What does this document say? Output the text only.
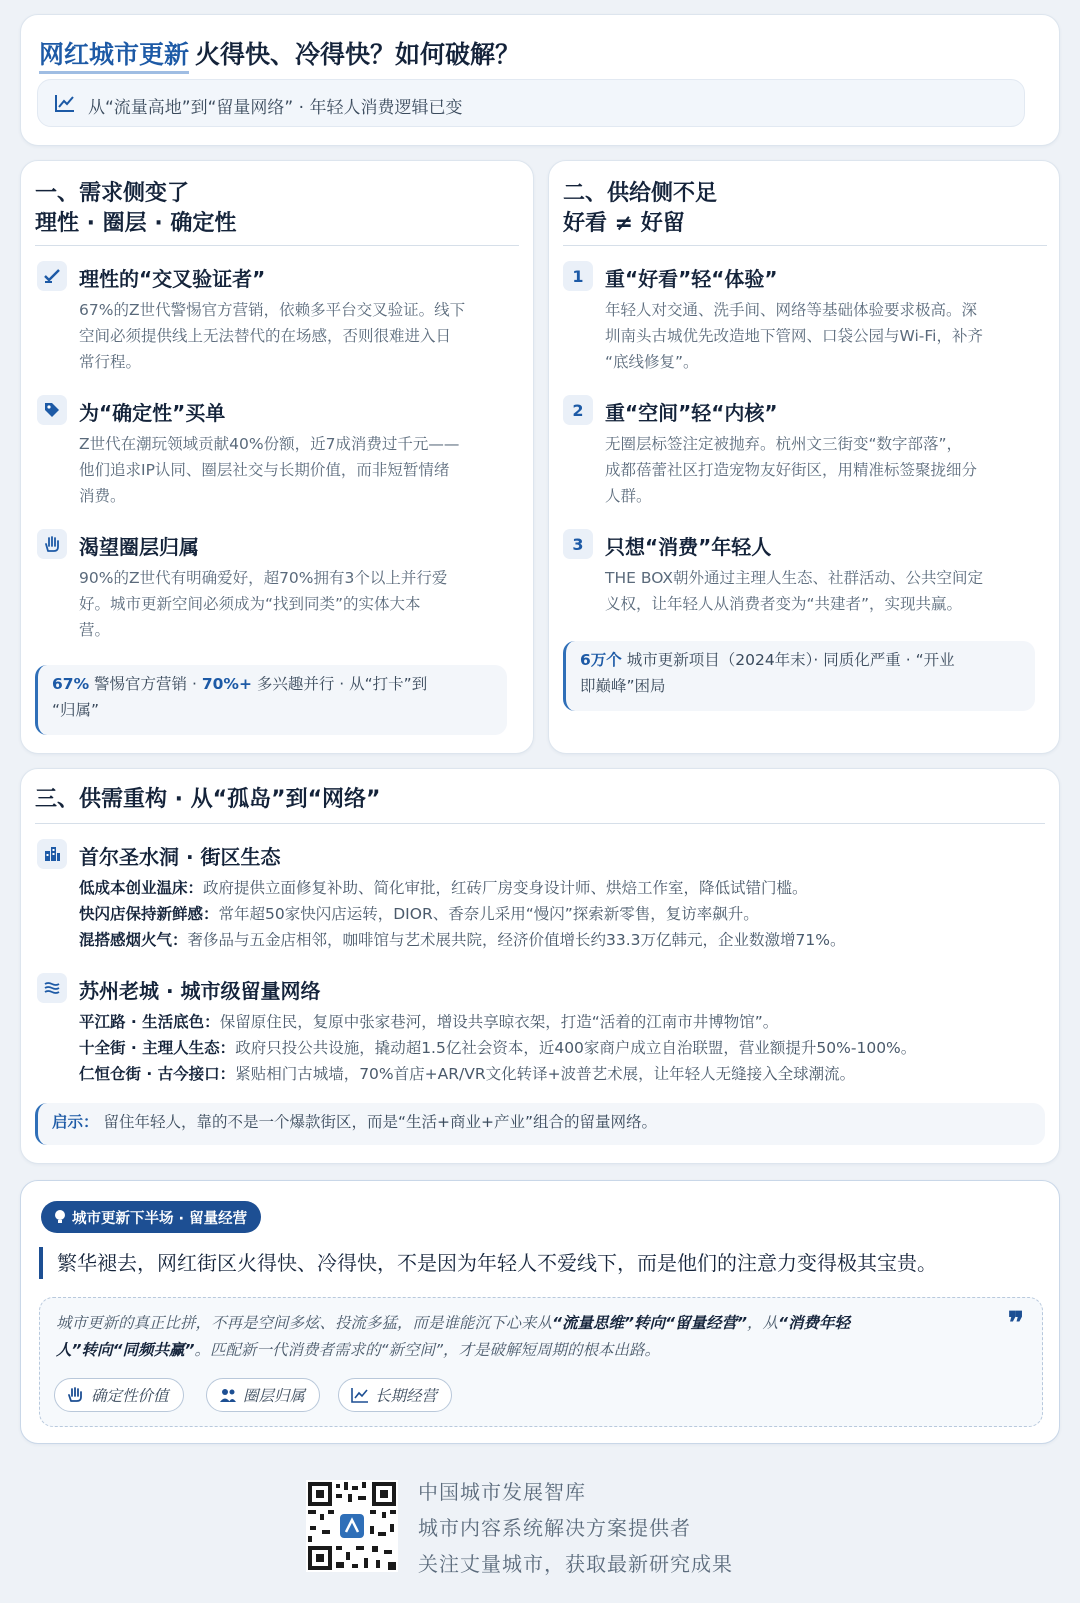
网红城市更新 火得快、冷得快？如何破解？
从“流量高地”到“留量网络” · 年轻人消费逻辑已变
一、需求侧变了
理性 · 圈层 · 确定性
理性的“交叉验证者”
67%的Z世代警惕官方营销，依赖多平台交叉验证。线下
空间必须提供线上无法替代的在场感，否则很难进入日
常行程。
为“确定性”买单
Z世代在潮玩领域贡献40%份额，近7成消费过千元——
他们追求IP认同、圈层社交与长期价值，而非短暂情绪
消费。
渴望圈层归属
90%的Z世代有明确爱好，超70%拥有3个以上并行爱
好。城市更新空间必须成为“找到同类”的实体大本
营。
67% 警惕官方营销 · 70%+ 多兴趣并行 · 从“打卡”到
“归属”
二、供给侧不足
好看 ≠ 好留
1	重“好看”轻“体验”
年轻人对交通、洗手间、网络等基础体验要求极高。深
圳南头古城优先改造地下管网、口袋公园与Wi-Fi，补齐
“底线修复”。
2	重“空间”轻“内核”
无圈层标签注定被抛弃。杭州文三街变“数字部落”，
成都蓓蕾社区打造宠物友好街区，用精准标签聚拢细分
人群。
3	只想“消费”年轻人
THE BOX朝外通过主理人生态、社群活动、公共空间定
义权，让年轻人从消费者变为“共建者”，实现共赢。
6万个 城市更新项目（2024年末）· 同质化严重 · “开业
即巅峰”困局
三、供需重构 · 从“孤岛”到“网络”
首尔圣水洞 · 街区生态
低成本创业温床：政府提供立面修复补助、简化审批，红砖厂房变身设计师、烘焙工作室，降低试错门槛。
快闪店保持新鲜感：常年超50家快闪店运转，DIOR、香奈儿采用“慢闪”探索新零售，复访率飙升。
混搭感烟火气：奢侈品与五金店相邻，咖啡馆与艺术展共院，经济价值增长约33.3万亿韩元，企业数激增71%。
苏州老城 · 城市级留量网络
平江路 · 生活底色：保留原住民，复原中张家巷河，增设共享晾衣架，打造“活着的江南市井博物馆”。
十全街 · 主理人生态：政府只投公共设施，撬动超1.5亿社会资本，近400家商户成立自治联盟，营业额提升50%-100%。
仁恒仓街 · 古今接口：紧贴相门古城墙，70%首店+AR/VR文化转译+波普艺术展，让年轻人无缝接入全球潮流。
启示： 留住年轻人，靠的不是一个爆款街区，而是“生活+商业+产业”组合的留量网络。
城市更新下半场 · 留量经营
繁华褪去，网红街区火得快、冷得快，不是因为年轻人不爱线下，而是他们的注意力变得极其宝贵。
城市更新的真正比拼，不再是空间多炫、投流多猛，而是谁能沉下心来从“流量思维”转向“留量经营”，从“消费年轻
人”转向“同频共赢”。匹配新一代消费者需求的“新空间”，才是破解短周期的根本出路。
❞
确定性价值	圈层归属	长期经营
中国城市发展智库
城市内容系统解决方案提供者
关注丈量城市，获取最新研究成果
